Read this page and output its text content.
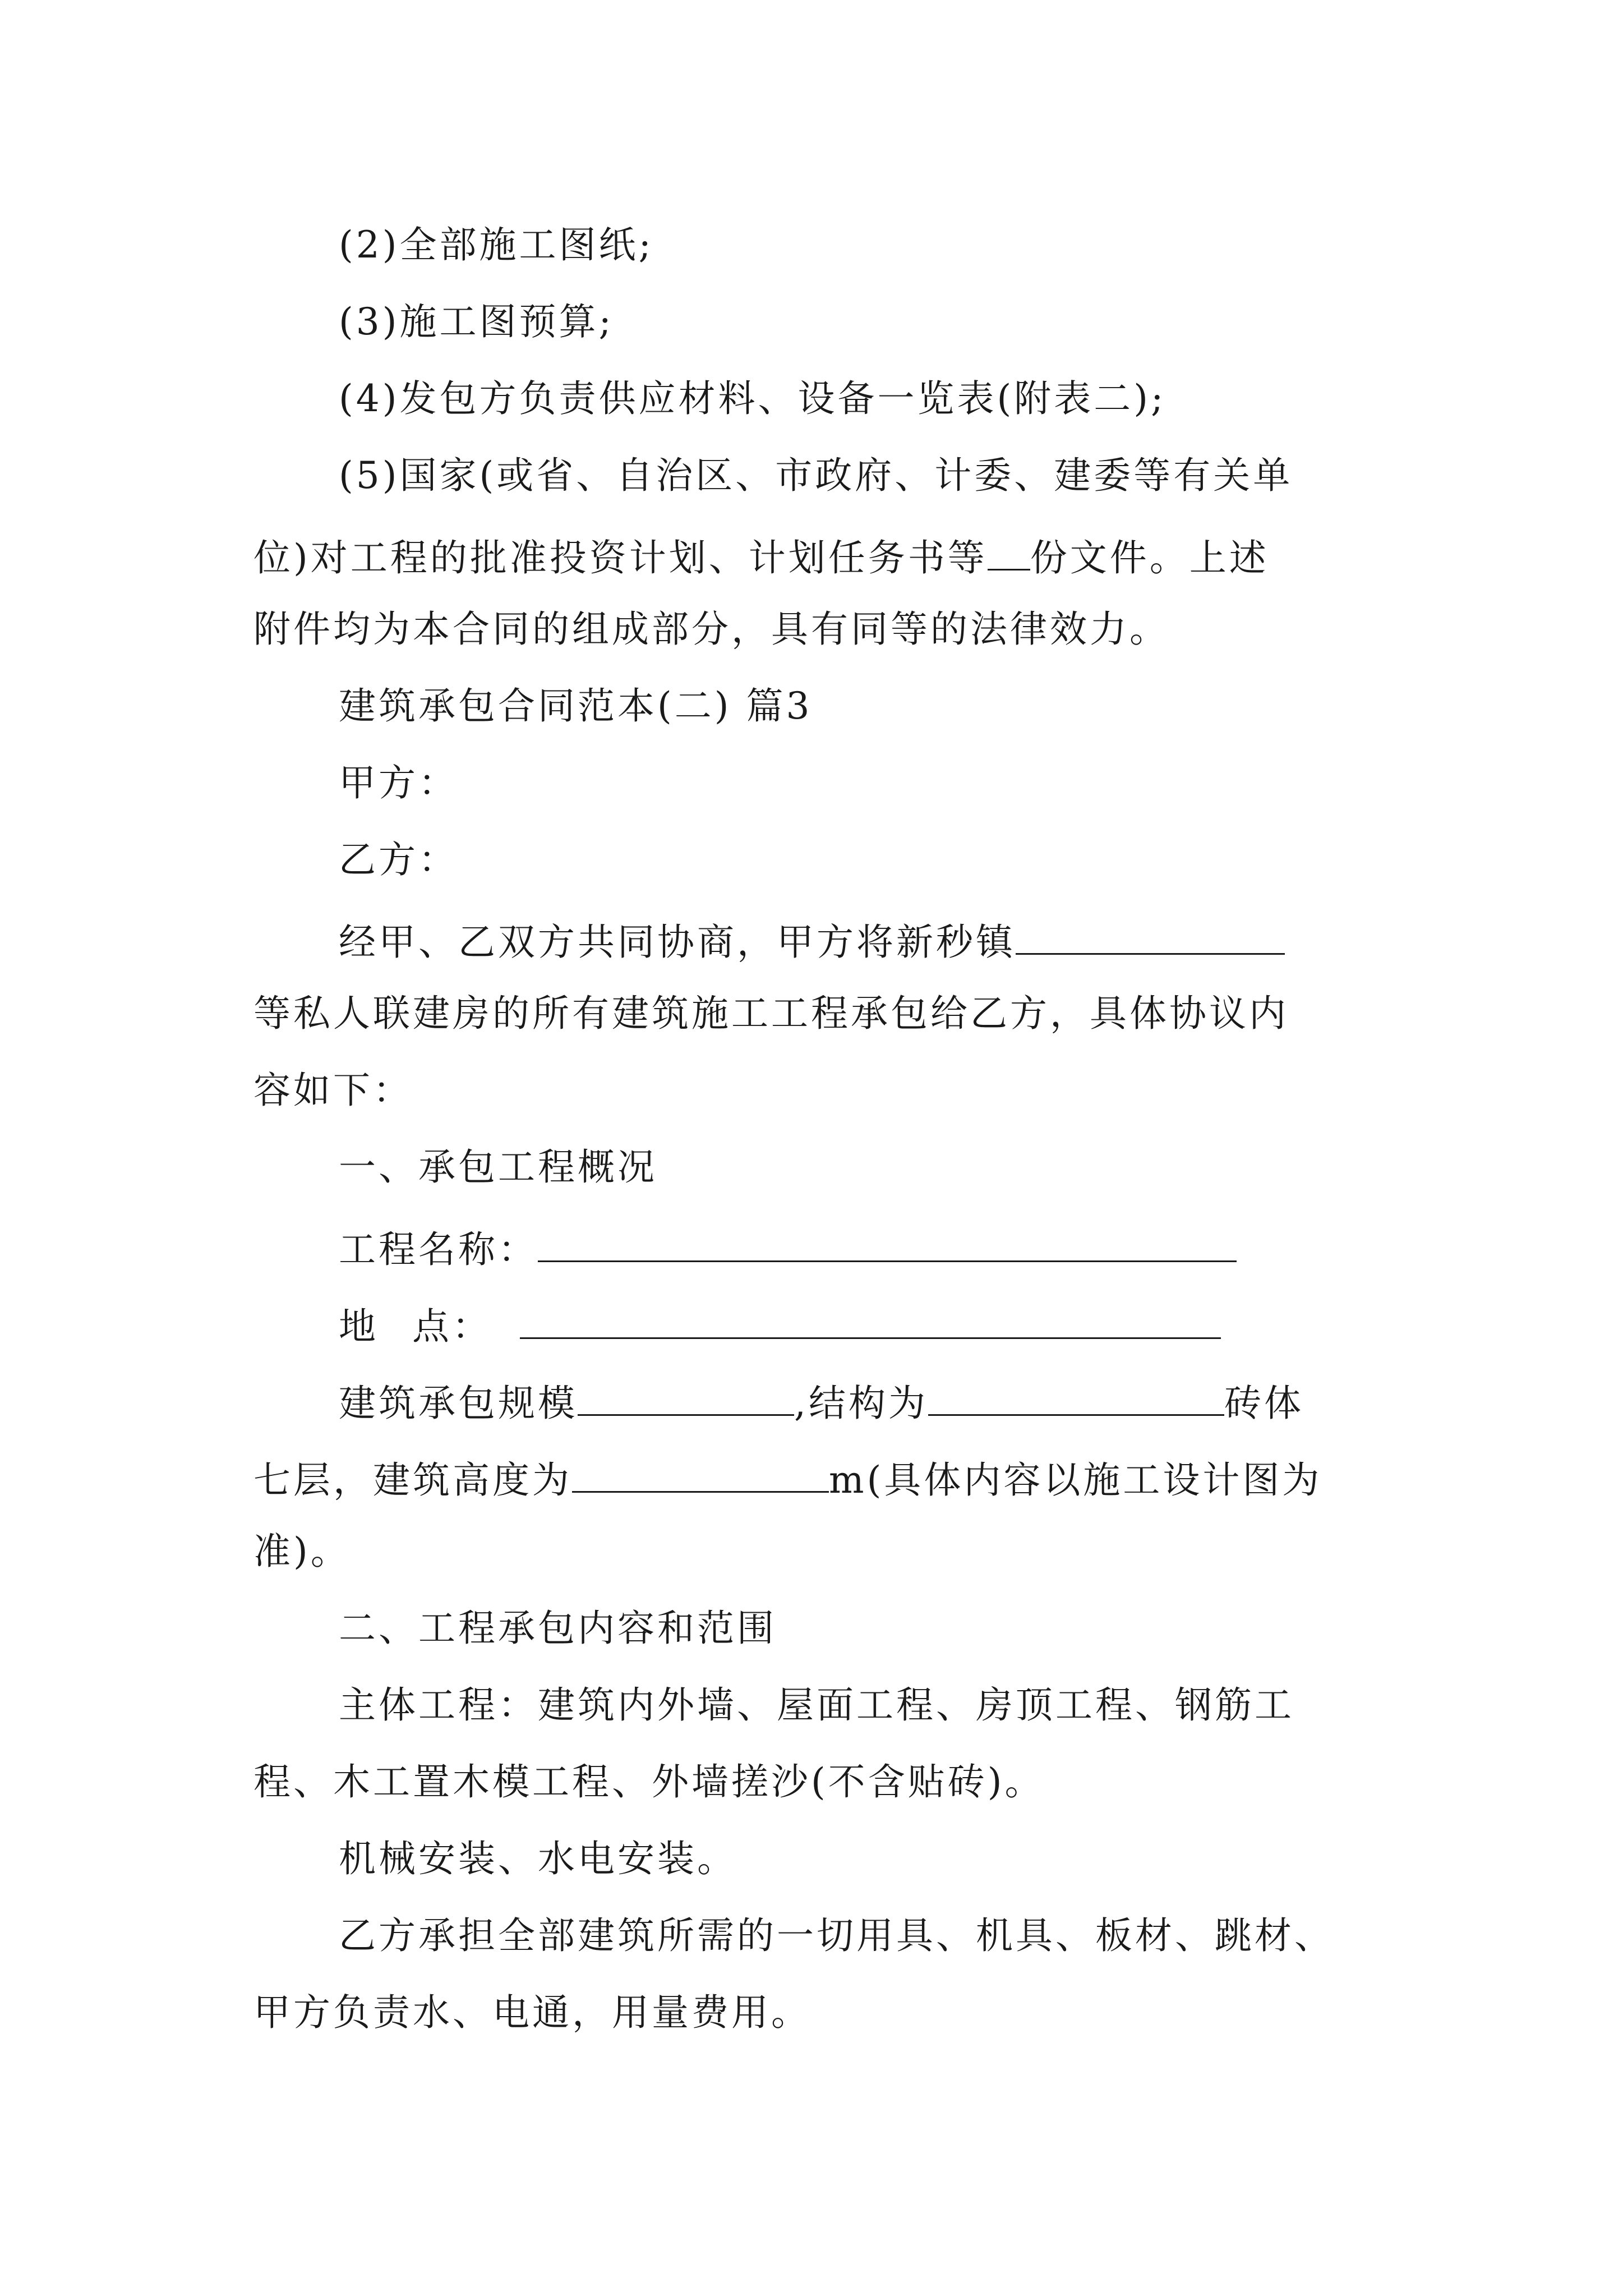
(2)全部施工图纸;
(3)施工图预算;
(4)发包方负责供应材料、设备一览表(附表二);
(5)国家(或省、自治区、市政府、计委、建委等有关单
位)对工程的批准投资计划、计划任务书等 份文件。上述
附件均为本合同的组成部分，具有同等的法律效力。
建筑承包合同范本(二) 篇3
甲方：
乙方：
经甲、乙双方共同协商，甲方将新秒镇
等私人联建房的所有建筑施工工程承包给乙方，具体协议内
容如下：
一、承包工程概况
工程名称：
地 点：
建筑承包规模	,结构为	砖体
七层，建筑高度为	m(具体内容以施工设计图为
准)。
二、工程承包内容和范围
主体工程：建筑内外墙、屋面工程、房顶工程、钢筋工
程、木工置木模工程、外墙搓沙(不含贴砖)。
机械安装、水电安装。
乙方承担全部建筑所需的一切用具、机具、板材、跳材、
甲方负责水、电通，用量费用。
